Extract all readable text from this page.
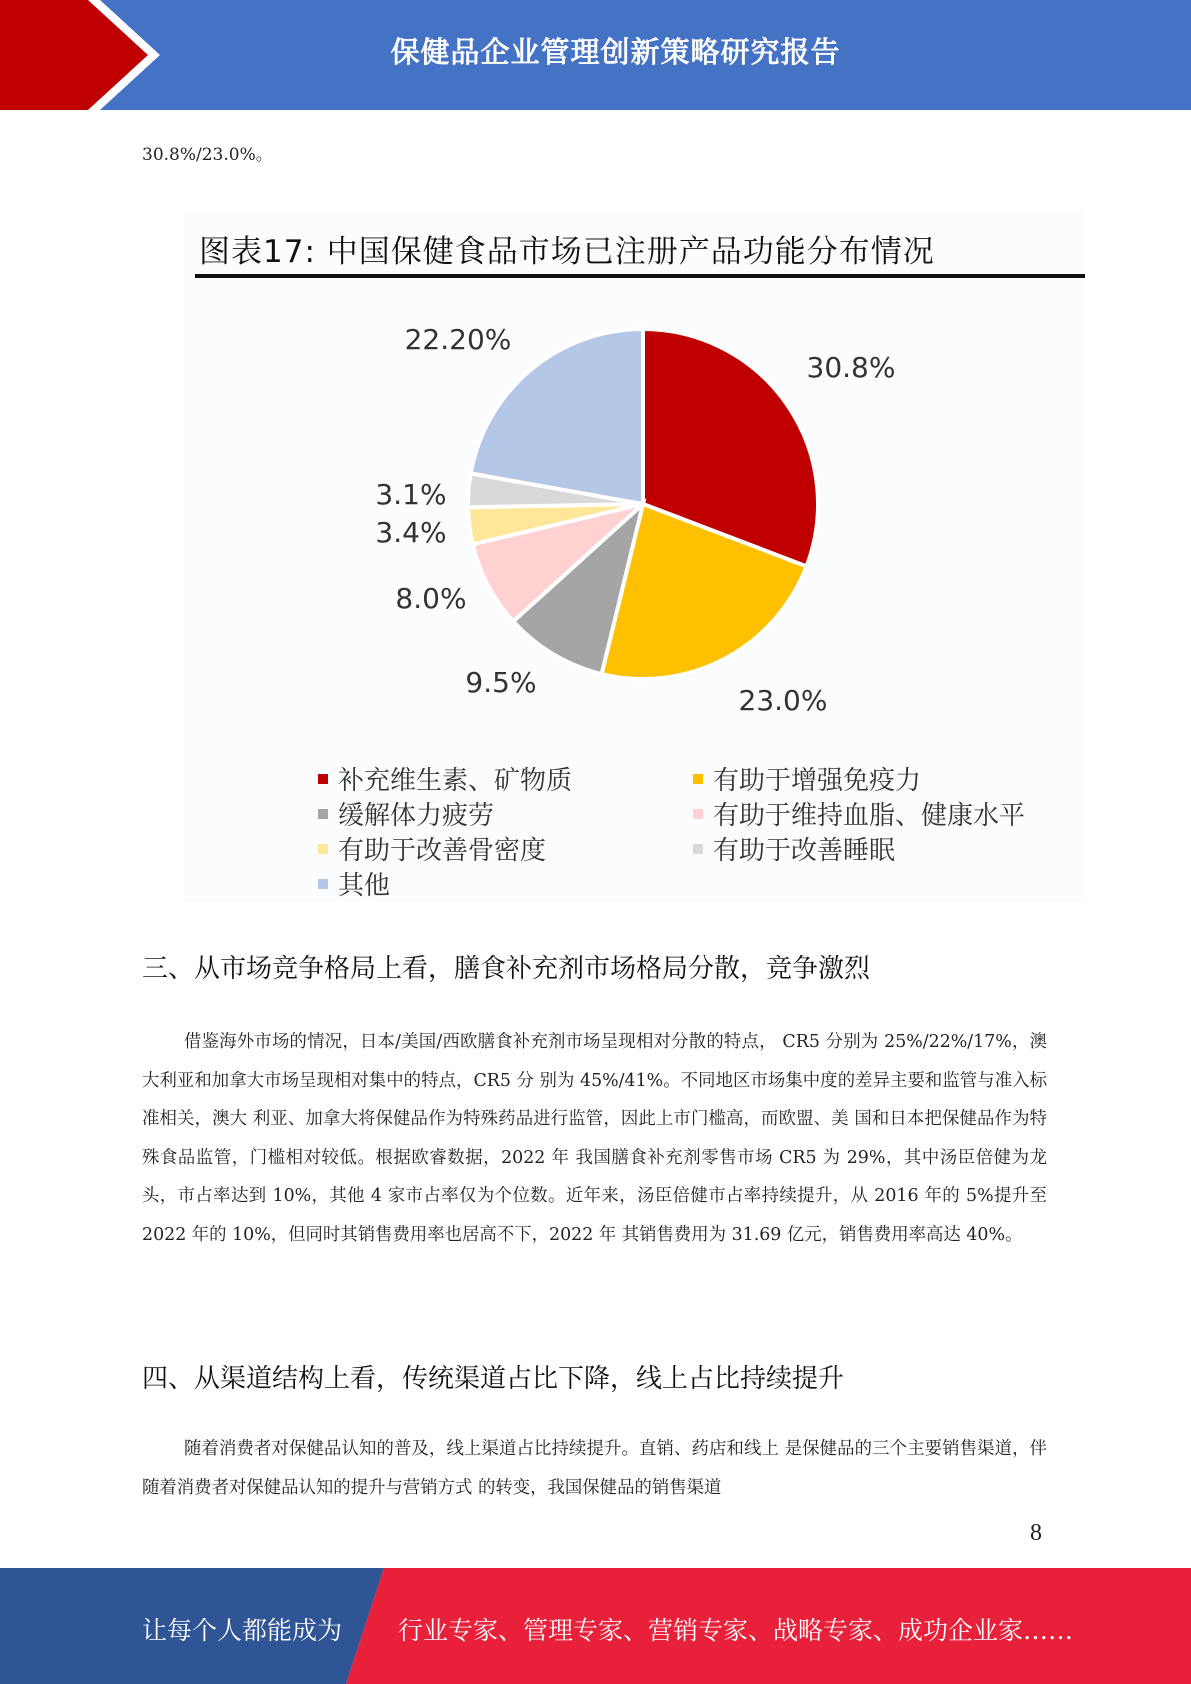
保健品企业管理创新策略研究报告
30.8%/23.0%。
图表17: 中国保健食品市场已注册产品功能分布情况
30.8%
23.0%
9.5%
8.0%
3.4%
3.1%
22.20%
补充维生素、矿物质	有助于增强免疫力
缓解体力疲劳	有助于维持血脂、健康水平
有助于改善骨密度	有助于改善睡眠
其他
三、从市场竞争格局上看，膳食补充剂市场格局分散，竞争激烈

借鉴海外市场的情况，日本/美国/西欧膳食补充剂市场呈现相对分散的特点， CR5 分别为 25%/22%/17%，澳大利亚和加拿大市场呈现相对集中的特点，CR5 分 别为 45%/41%。不同地区市场集中度的差异主要和监管与准入标准相关，澳大 利亚、加拿大将保健品作为特殊药品进行监管，因此上市门槛高，而欧盟、美 国和日本把保健品作为特殊食品监管，门槛相对较低。根据欧睿数据，2022 年 我国膳食补充剂零售市场 CR5 为 29%，其中汤臣倍健为龙头，市占率达到 10%，其他 4 家市占率仅为个位数。近年来，汤臣倍健市占率持续提升，从 2016 年的 5%提升至 2022 年的 10%，但同时其销售费用率也居高不下，2022 年 其销售费用为 31.69 亿元，销售费用率高达 40%。

四、从渠道结构上看，传统渠道占比下降，线上占比持续提升

随着消费者对保健品认知的普及，线上渠道占比持续提升。直销、药店和线上 是保健品的三个主要销售渠道，伴随着消费者对保健品认知的提升与营销方式 的转变，我国保健品的销售渠道

8
让每个人都能成为 行业专家、管理专家、营销专家、战略专家、成功企业家……
